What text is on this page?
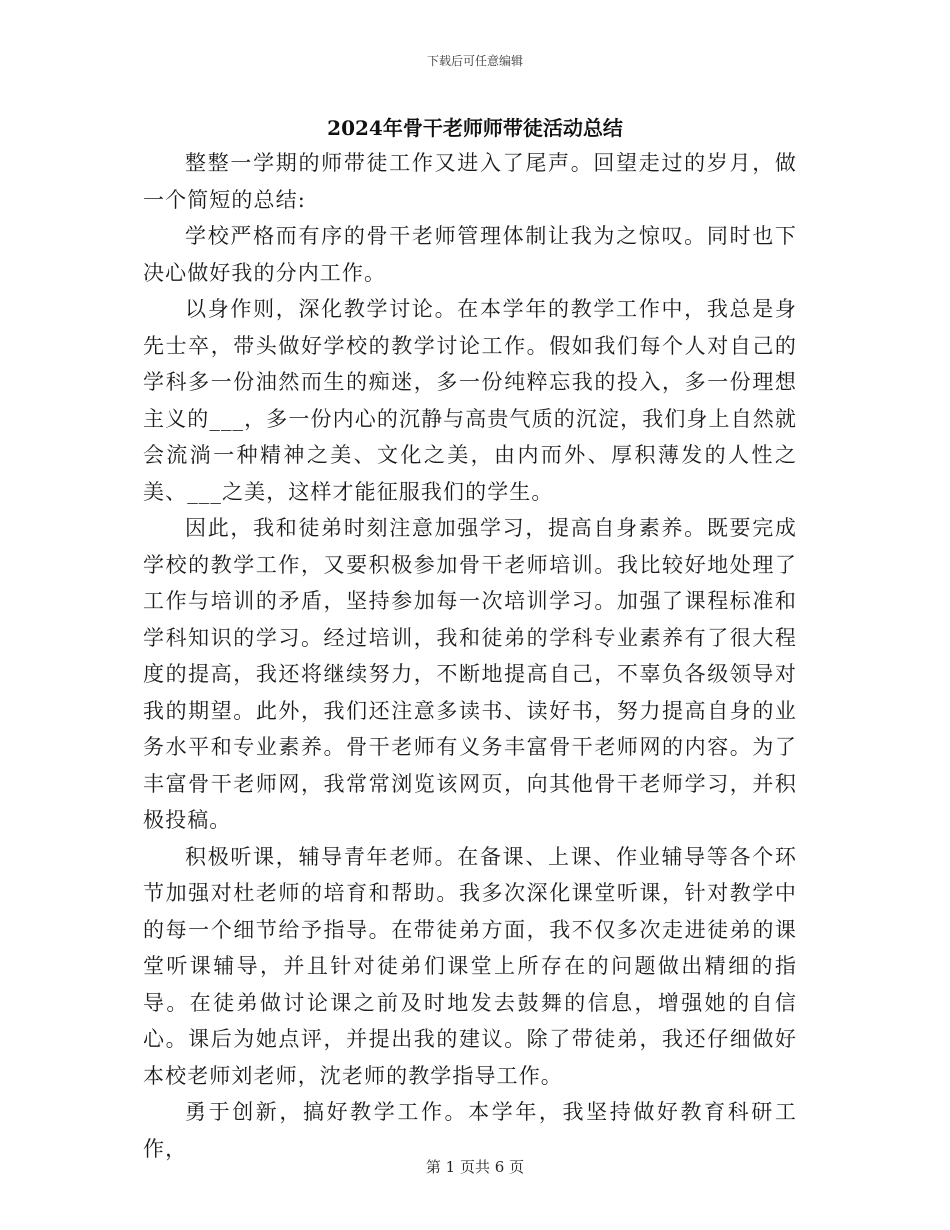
下载后可任意编辑
2024年骨干老师师带徒活动总结

整整一学期的师带徒工作又进入了尾声。回望走过的岁月，做一个简短的总结:

学校严格而有序的骨干老师管理体制让我为之惊叹。同时也下决心做好我的分内工作。

以身作则，深化教学讨论。在本学年的教学工作中，我总是身先士卒，带头做好学校的教学讨论工作。假如我们每个人对自己的学科多一份油然而生的痴迷，多一份纯粹忘我的投入，多一份理想主义的___，多一份内心的沉静与高贵气质的沉淀，我们身上自然就会流淌一种精神之美、文化之美，由内而外、厚积薄发的人性之美、___之美，这样才能征服我们的学生。

因此，我和徒弟时刻注意加强学习，提高自身素养。既要完成学校的教学工作，又要积极参加骨干老师培训。我比较好地处理了工作与培训的矛盾，坚持参加每一次培训学习。加强了课程标准和学科知识的学习。经过培训，我和徒弟的学科专业素养有了很大程度的提高，我还将继续努力，不断地提高自己，不辜负各级领导对我的期望。此外，我们还注意多读书、读好书，努力提高自身的业务水平和专业素养。骨干老师有义务丰富骨干老师网的内容。为了丰富骨干老师网，我常常浏览该网页，向其他骨干老师学习，并积极投稿。

积极听课，辅导青年老师。在备课、上课、作业辅导等各个环节加强对杜老师的培育和帮助。我多次深化课堂听课，针对教学中的每一个细节给予指导。在带徒弟方面，我不仅多次走进徒弟的课堂听课辅导，并且针对徒弟们课堂上所存在的问题做出精细的指导。在徒弟做讨论课之前及时地发去鼓舞的信息，增强她的自信心。课后为她点评，并提出我的建议。除了带徒弟，我还仔细做好本校老师刘老师，沈老师的教学指导工作。

勇于创新，搞好教学工作。本学年，我坚持做好教育科研工作，

第 1 页共 6 页
